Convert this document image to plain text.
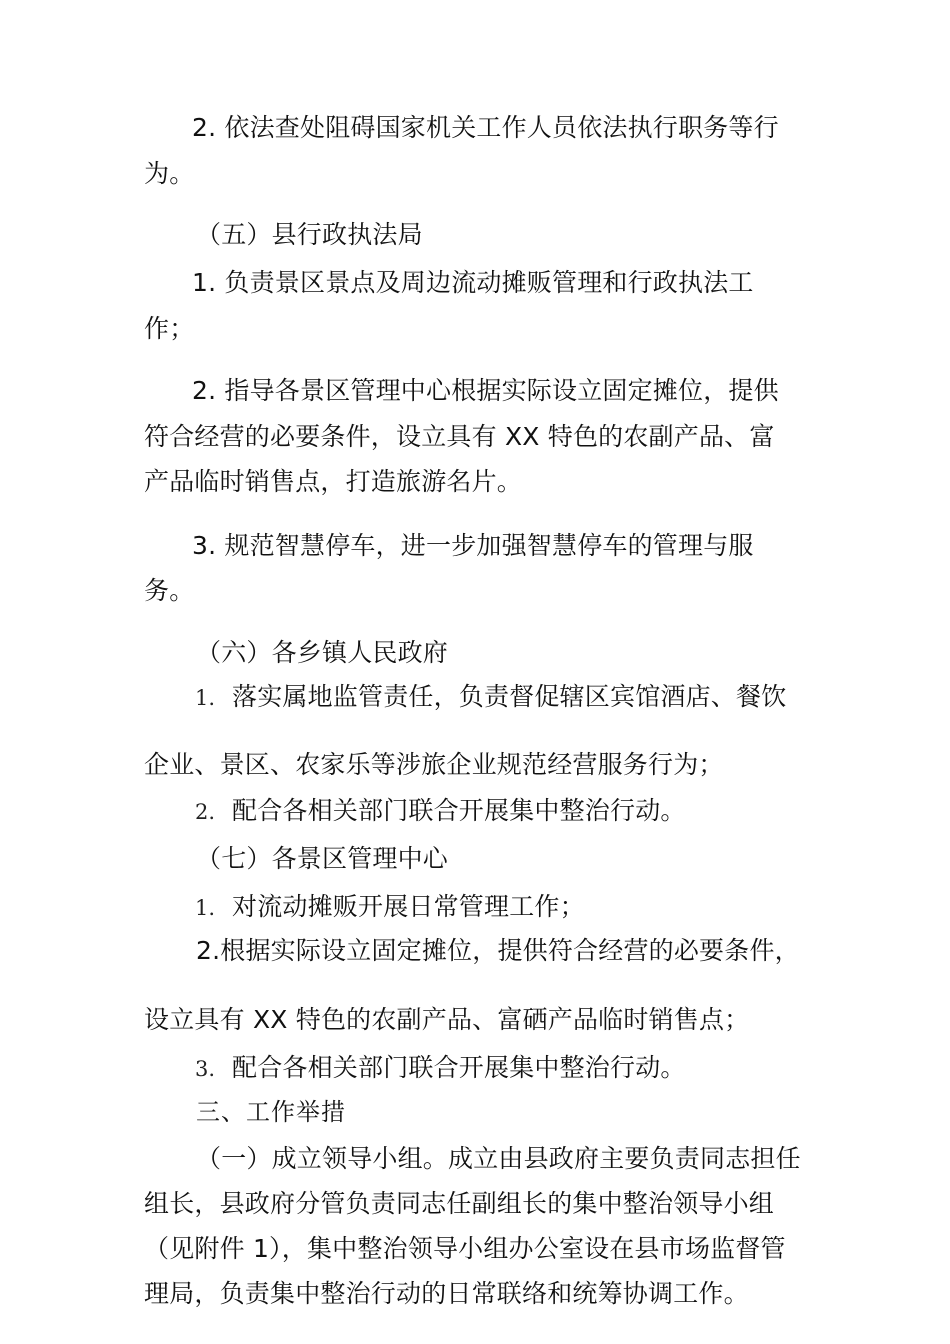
2. 依法查处阻碍国家机关工作人员依法执行职务等行
为。
（五）县行政执法局
1. 负责景区景点及周边流动摊贩管理和行政执法工
作；
2. 指导各景区管理中心根据实际设立固定摊位，提供
符合经营的必要条件，设立具有 XX 特色的农副产品、富
产品临时销售点，打造旅游名片。
3. 规范智慧停车，进一步加强智慧停车的管理与服
务。
（六）各乡镇人民政府
1. 落实属地监管责任，负责督促辖区宾馆酒店、餐饮
企业、景区、农家乐等涉旅企业规范经营服务行为；
2. 配合各相关部门联合开展集中整治行动。
（七）各景区管理中心
1. 对流动摊贩开展日常管理工作；
2.根据实际设立固定摊位，提供符合经营的必要条件，
设立具有 XX 特色的农副产品、富硒产品临时销售点；
3. 配合各相关部门联合开展集中整治行动。
三、工作举措
（一）成立领导小组。成立由县政府主要负责同志担任
组长，县政府分管负责同志任副组长的集中整治领导小组
（见附件 1），集中整治领导小组办公室设在县市场监督管
理局，负责集中整治行动的日常联络和统筹协调工作。
